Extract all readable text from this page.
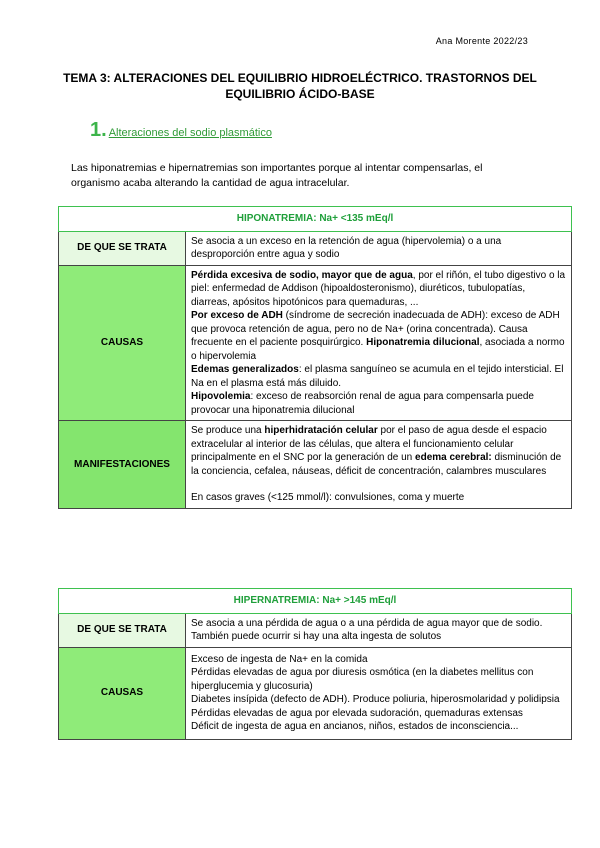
Ana Morente 2022/23
TEMA 3: ALTERACIONES DEL EQUILIBRIO HIDROELÉCTRICO. TRASTORNOS DEL EQUILIBRIO ÁCIDO-BASE
1. Alteraciones del sodio plasmático
Las hiponatremias e hipernatremias son importantes porque al intentar compensarlas, el organismo acaba alterando la cantidad de agua intracelular.
HIPONATREMIA: Na+ <135 mEq/l	
DE QUE SE TRATA	Se asocia a un exceso en la retención de agua (hipervolemia) o a una desproporción entre agua y sodio
CAUSAS	Pérdida excesiva de sodio, mayor que de agua, por el riñón, el tubo digestivo o la piel: enfermedad de Addison (hipoaldosteronismo), diuréticos, tubulopatías, diarreas, apósitos hipotónicos para quemaduras, ...
Por exceso de ADH (síndrome de secreción inadecuada de ADH): exceso de ADH que provoca retención de agua, pero no de Na+ (orina concentrada). Causa frecuente en el paciente posquirúrgico. Hiponatremia dilucional, asociada a normo o hipervolemia
Edemas generalizados: el plasma sanguíneo se acumula en el tejido intersticial. El Na en el plasma está más diluido.
Hipovolemia: exceso de reabsorción renal de agua para compensarla puede provocar una hiponatremia dilucional

MANIFESTACIONES	Se produce una hiperhidratación celular por el paso de agua desde el espacio extracelular al interior de las células, que altera el funcionamiento celular principalmente en el SNC por la generación de un edema cerebral: disminución de la conciencia, cefalea, náuseas, déficit de concentración, calambres musculares
En casos graves (<125 mmol/l): convulsiones, coma y muerte
HIPERNATREMIA: Na+ >145 mEq/l	
DE QUE SE TRATA	Se asocia a una pérdida de agua o a una pérdida de agua mayor que de sodio. También puede ocurrir si hay una alta ingesta de solutos
CAUSAS	Exceso de ingesta de Na+ en la comida
Pérdidas elevadas de agua por diuresis osmótica (en la diabetes mellitus con hiperglucemia y glucosuria)
Diabetes insípida (defecto de ADH). Produce poliuria, hiperosmolaridad y polidipsia
Pérdidas elevadas de agua por elevada sudoración, quemaduras extensas
Déficit de ingesta de agua en ancianos, niños, estados de inconsciencia...
